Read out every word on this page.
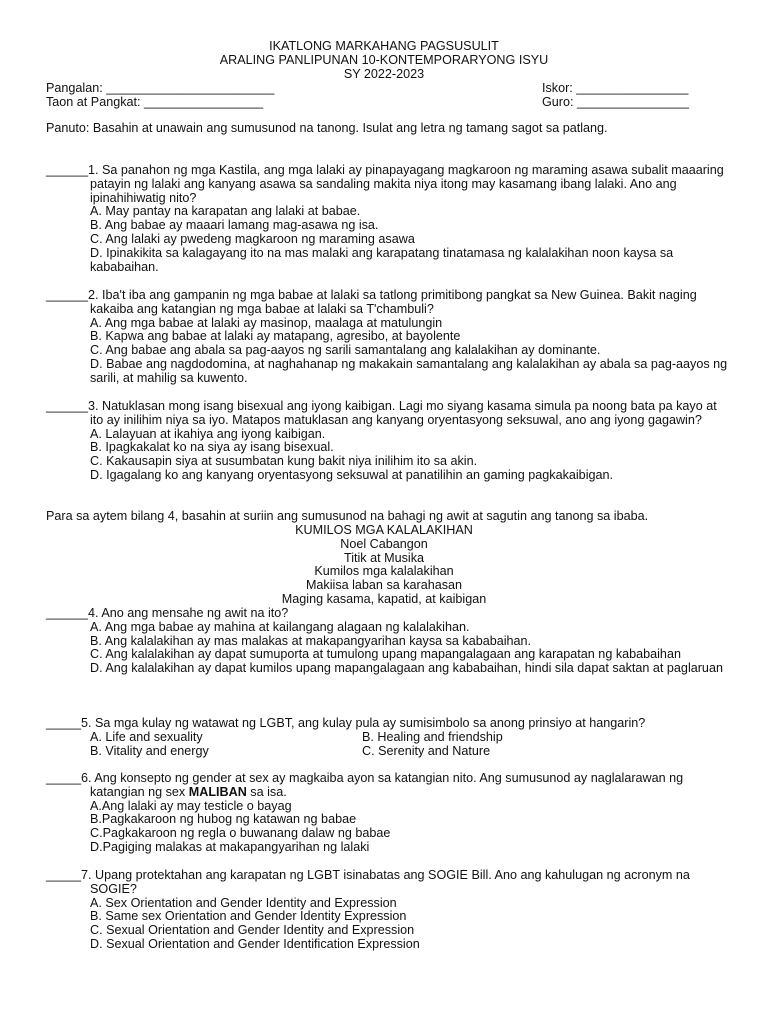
IKATLONG MARKAHANG PAGSUSULIT
ARALING PANLIPUNAN 10-KONTEMPORARYONG ISYU
SY 2022-2023
Pangalan: ________________________	Iskor: ________________
Taon at Pangkat: _________________	Guro: ________________
Panuto: Basahin at unawain ang sumusunod na tanong. Isulat ang letra ng tamang sagot sa patlang.
______1. Sa panahon ng mga Kastila, ang mga lalaki ay pinapayagang magkaroon ng maraming asawa subalit maaaring patayin ng lalaki ang kanyang asawa sa sandaling makita niya itong may kasamang ibang lalaki. Ano ang ipinahihiwatig nito?
A. May pantay na karapatan ang lalaki at babae.
B. Ang babae ay maaari lamang mag-asawa ng isa.
C. Ang lalaki ay pwedeng magkaroon ng maraming asawa
D. Ipinakikita sa kalagayang ito na mas malaki ang karapatang tinatamasa ng kalalakihan noon kaysa sa kababaihan.
______2. Iba't iba ang gampanin ng mga babae at lalaki sa tatlong primitibong pangkat sa New Guinea. Bakit naging kakaiba ang katangian ng mga babae at lalaki sa T'chambuli?
A. Ang mga babae at lalaki ay masinop, maalaga at matulungin
B. Kapwa ang babae at lalaki ay matapang, agresibo, at bayolente
C. Ang babae ang abala sa pag-aayos ng sarili samantalang ang kalalakihan ay dominante.
D. Babae ang nagdodomina, at naghahanap ng makakain samantalang ang kalalakihan ay abala sa pag-aayos ng sarili, at mahilig sa kuwento.
______3. Natuklasan mong isang bisexual ang iyong kaibigan. Lagi mo siyang kasama simula pa noong bata pa kayo at ito ay inilihim niya sa iyo. Matapos matuklasan ang kanyang oryentasyong seksuwal, ano ang iyong gagawin?
A. Lalayuan at ikahiya ang iyong kaibigan.
B. Ipagkakalat ko na siya ay isang bisexual.
C. Kakausapin siya at susumbatan kung bakit niya inilihim ito sa akin.
D. Igagalang ko ang kanyang oryentasyong seksuwal at panatilihin an gaming pagkakaibigan.
Para sa aytem bilang 4, basahin at suriin ang sumusunod na bahagi ng awit at sagutin ang tanong sa ibaba.
KUMILOS MGA KALALAKIHAN
Noel Cabangon
Titik at Musika
Kumilos mga kalalakihan
Makiisa laban sa karahasan
Maging kasama, kapatid, at kaibigan
______4. Ano ang mensahe ng awit na ito?
A. Ang mga babae ay mahina at kailangang alagaan ng kalalakihan.
B. Ang kalalakihan ay mas malakas at makapangyarihan kaysa sa kababaihan.
C. Ang kalalakihan ay dapat sumuporta at tumulong upang mapangalagaan ang karapatan ng kababaihan
D. Ang kalalakihan ay dapat kumilos upang mapangalagaan ang kababaihan, hindi sila dapat saktan at paglaruan
_____5. Sa mga kulay ng watawat ng LGBT, ang kulay pula ay sumisimbolo sa anong prinsiyo at hangarin?
A. Life and sexuality	B. Healing and friendship
B. Vitality and energy	C. Serenity and Nature
_____6. Ang konsepto ng gender at sex ay magkaiba ayon sa katangian nito. Ang sumusunod ay naglalarawan ng katangian ng sex MALIBAN sa isa.
A.Ang lalaki ay may testicle o bayag
B.Pagkakaroon ng hubog ng katawan ng babae
C.Pagkakaroon ng regla o buwanang dalaw ng babae
D.Pagiging malakas at makapangyarihan ng lalaki
_____7. Upang protektahan ang karapatan ng LGBT isinabatas ang SOGIE Bill. Ano ang kahulugan ng acronym na SOGIE?
A. Sex Orientation and Gender Identity and Expression
B. Same sex Orientation and Gender Identity Expression
C. Sexual Orientation and Gender Identity and Expression
D. Sexual Orientation and Gender Identification Expression
